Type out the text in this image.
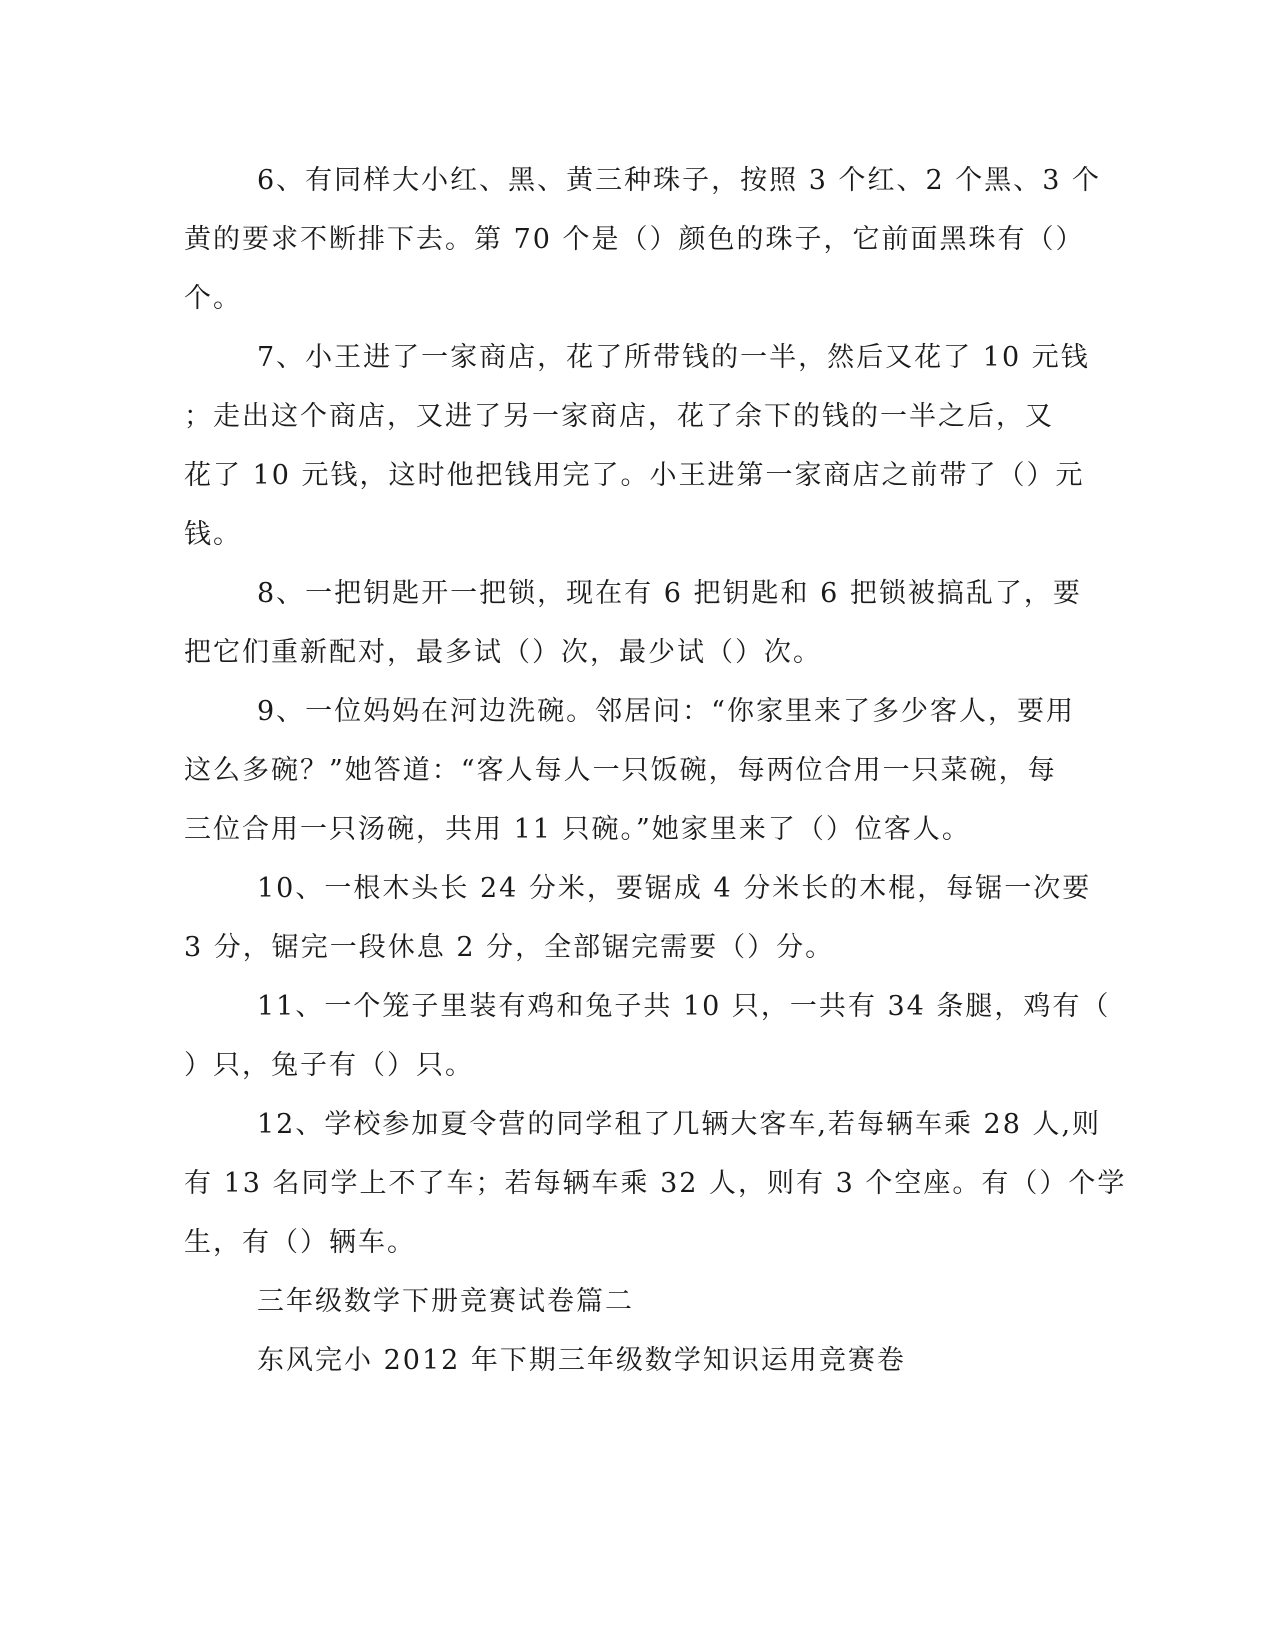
6、有同样大小红、黑、黄三种珠子，按照 3 个红、2 个黑、3 个
黄的要求不断排下去。第 70 个是（）颜色的珠子，它前面黑珠有（）
个。
7、小王进了一家商店，花了所带钱的一半，然后又花了 10 元钱
；走出这个商店，又进了另一家商店，花了余下的钱的一半之后，又
花了 10 元钱，这时他把钱用完了。小王进第一家商店之前带了（）元
钱。
8、一把钥匙开一把锁，现在有 6 把钥匙和 6 把锁被搞乱了，要
把它们重新配对，最多试（）次，最少试（）次。
9、一位妈妈在河边洗碗。邻居问：“你家里来了多少客人，要用
这么多碗？”她答道：“客人每人一只饭碗，每两位合用一只菜碗，每
三位合用一只汤碗，共用 11 只碗。”她家里来了（）位客人。
10、一根木头长 24 分米，要锯成 4 分米长的木棍，每锯一次要
3 分，锯完一段休息 2 分，全部锯完需要（）分。
11、一个笼子里装有鸡和兔子共 10 只，一共有 34 条腿，鸡有（
）只，兔子有（）只。
12、学校参加夏令营的同学租了几辆大客车,若每辆车乘 28 人,则
有 13 名同学上不了车；若每辆车乘 32 人，则有 3 个空座。有（）个学
生，有（）辆车。
三年级数学下册竞赛试卷篇二
东风完小 2012 年下期三年级数学知识运用竞赛卷
